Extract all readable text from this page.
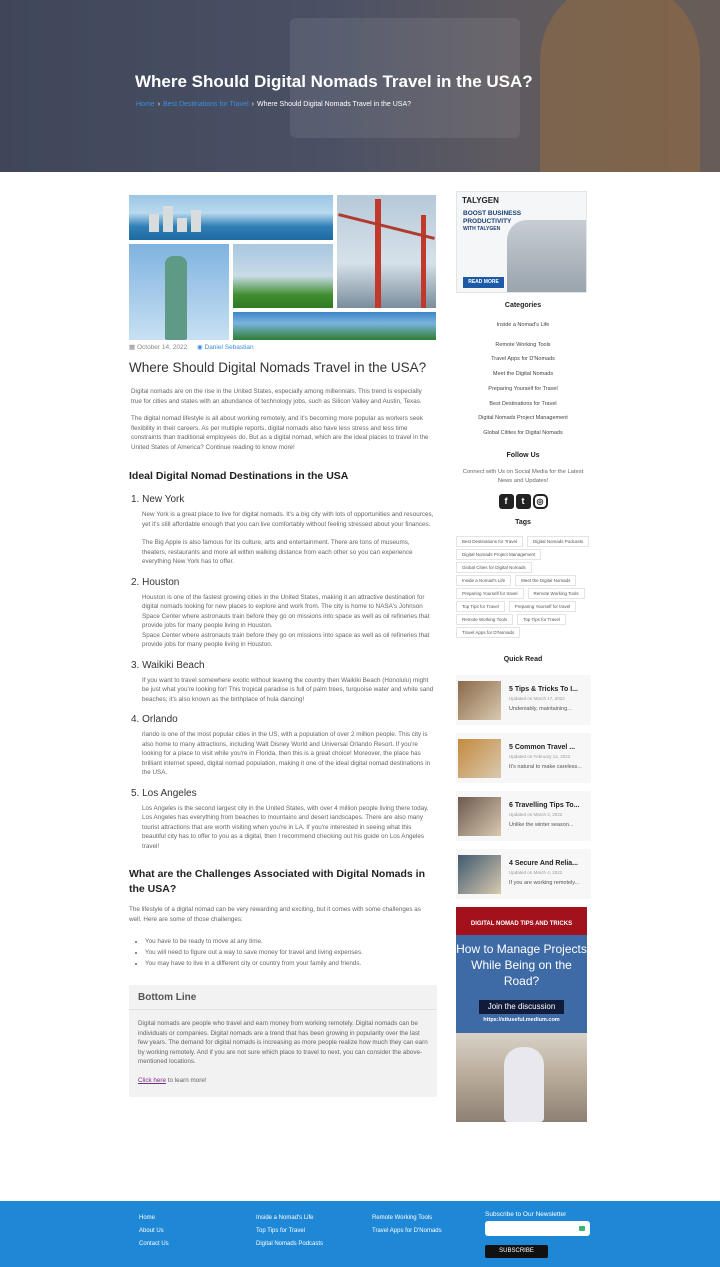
Where Should Digital Nomads Travel in the USA?
Home › Best Destinations for Travel › Where Should Digital Nomads Travel in the USA?
▦ October 14, 2022 ◉ Daniel Sebastian
Where Should Digital Nomads Travel in the USA?

Digital nomads are on the rise in the United States, especially among millennials. This trend is especially true for cities and states with an abundance of technology jobs, such as Silicon Valley and Austin, Texas.

The digital nomad lifestyle is all about working remotely, and it's becoming more popular as workers seek flexibility in their careers. As per multiple reports, digital nomads also have less stress and less time constraints than traditional employees do. But as a digital nomad, which are the ideal places to travel in the United States of America? Continue reading to know more!

Ideal Digital Nomad Destinations in the USA
1. New York

New York is a great place to live for digital nomads. It's a big city with lots of opportunities and resources, yet it's still affordable enough that you can live comfortably without feeling stressed about your finances.

The Big Apple is also famous for its culture, arts and entertainment. There are tons of museums, theaters, restaurants and more all within walking distance from each other so you can experience everything New York has to offer.

2. Houston

Houston is one of the fastest growing cities in the United States, making it an attractive destination for digital nomads looking for new places to explore and work from. The city is home to NASA's Johnson Space Center where astronauts train before they go on missions into space as well as oil refineries that provide jobs for many people living in Houston.

Space Center where astronauts train before they go on missions into space as well as oil refineries that provide jobs for many people living in Houston.

3. Waikiki Beach

If you want to travel somewhere exotic without leaving the country then Waikiki Beach (Honolulu) might be just what you're looking for! This tropical paradise is full of palm trees, turquoise water and white sand beaches; it's also known as the birthplace of hula dancing!

4. Orlando

rlando is one of the most popular cities in the US, with a population of over 2 million people. This city is also home to many attractions, including Walt Disney World and Universal Orlando Resort. If you're looking for a place to visit while you're in Florida, then this is a great choice! Moreover, the place has brilliant internet speed, digital nomad population, making it one of the ideal digital nomad destinations in the USA.

5. Los Angeles

Los Angeles is the second largest city in the United States, with over 4 million people living there today. Los Angeles has everything from beaches to mountains and desert landscapes. There are also many tourist attractions that are worth visiting when you're in LA. If you're interested in seeing what this beautiful city has to offer to you as a digital, then I recommend checking out his guide on Los Angeles travel!

What are the Challenges Associated with Digital Nomads in the USA?

The lifestyle of a digital nomad can be very rewarding and exciting, but it comes with some challenges as well. Here are some of those challenges:

• You have to be ready to move at any time.
• You will need to figure out a way to save money for travel and living expenses.
• You may have to live in a different city or country from your family and friends.
Bottom Line

Digital nomads are people who travel and earn money from working remotely. Digital nomads can be individuals or companies. Digital nomads are a trend that has been growing in popularity over the last few years. The demand for digital nomads is increasing as more people realize how much they can earn by working remotely. And if you are not sure which place to travel to next, you can consider the above-mentioned locations.

Click here to learn more!

TALYGEN
BOOST BUSINESS
PRODUCTIVITY
WITH TALYGEN
READ MORE
Categories
Inside a Nomad's Life
Remote Working Tools
Travel Apps for D'Nomads
Meet the Digital Nomads
Preparing Yourself for Travel
Best Destinations for Travel
Digital Nomads Project Management
Global Citites for Digital Nomads
Follow Us
Connect with Us on Social Media for the Latest News and Updates!
f	t	◎
Tags
Best Destinations for Travel	Digital Nomads Podcasts
Digital Nomads Project Management
Global Cities for Digital Nomads
Inside a Nomad's Life	Meet the Digital Nomads
Preparing Yourself for travel	Remote Working Tools
Top Tips for Travel	Preparing Yourself for travel
Remote Working Tools	Top Tips for Travel
Travel Apps for D'Nomads
Quick Read
5 Tips & Tricks To I...
Updated on March 17, 2022
Undeniably, maintaining...
5 Common Travel ...
Updated on February 14, 2022
It's natural to make careless...
6 Travelling Tips To...
Updated on March 3, 2022
Unlike the winter season...
4 Secure And Relia...
Updated on March 4, 2022
If you are working remotely...
DIGITAL NOMAD TIPS AND TRICKS
How to Manage Projects While Being on the Road?
Join the discussion
https://situseful.medium.com
Home
About Us
Contact Us
Inside a Nomad's Life
Top Tips for Travel
Digital Nomads Podcasts
Remote Working Tools
Travel Apps for D'Nomads
Subscribe to Our Newsletter
SUBSCRIBE
